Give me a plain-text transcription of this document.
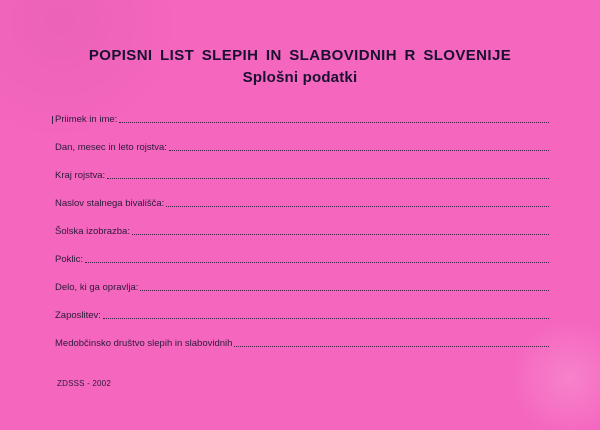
POPISNI LIST SLEPIH IN SLABOVIDNIH R SLOVENIJE
Splošni podatki
Priimek in ime:
Dan, mesec in leto rojstva:
Kraj rojstva:
Naslov stalnega bivališča:
Šolska izobrazba:
Poklic:
Delo, ki ga opravlja:
Zaposlitev:
Medobčinsko društvo slepih in slabovidnih
ZDSSS - 2002
